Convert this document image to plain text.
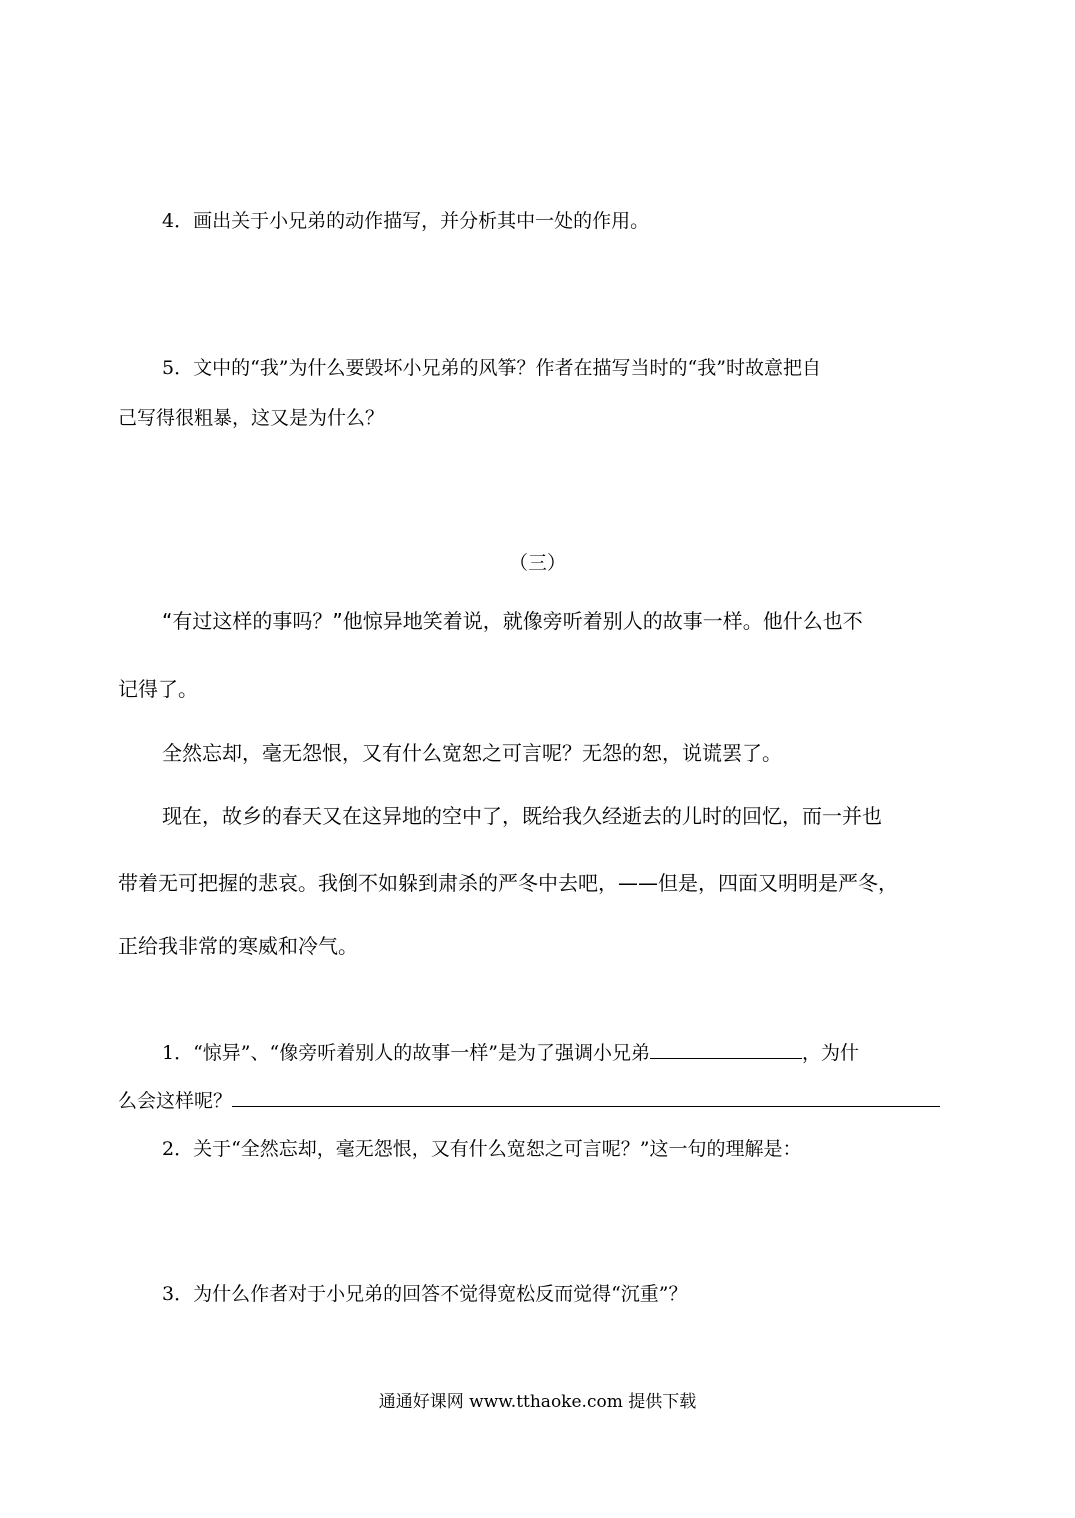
4．画出关于小兄弟的动作描写，并分析其中一处的作用。
5．文中的“我”为什么要毁坏小兄弟的风筝？作者在描写当时的“我”时故意把自
己写得很粗暴，这又是为什么？
（三）
“有过这样的事吗？”他惊异地笑着说，就像旁听着别人的故事一样。他什么也不
记得了。
全然忘却，毫无怨恨，又有什么宽恕之可言呢？无怨的恕，说谎罢了。
现在，故乡的春天又在这异地的空中了，既给我久经逝去的儿时的回忆，而一并也
带着无可把握的悲哀。我倒不如躲到肃杀的严冬中去吧，——但是，四面又明明是严冬，
正给我非常的寒威和冷气。
1．“惊异”、“像旁听着别人的故事一样”是为了强调小兄弟	，为什
么会这样呢？
2．关于“全然忘却，毫无怨恨，又有什么宽恕之可言呢？”这一句的理解是：
3．为什么作者对于小兄弟的回答不觉得宽松反而觉得“沉重”？
通通好课网 www.tthaoke.com 提供下载
